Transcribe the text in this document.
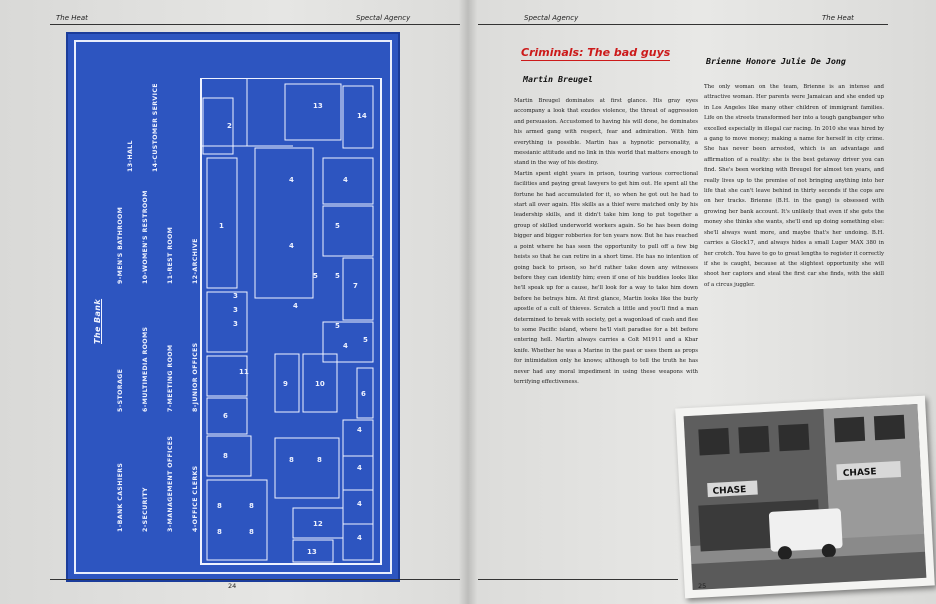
The Heat	Spectal Agency

1-BANK CASHIERS

	2-SECURITY

	3-MANAGEMENT OFFICES

	4-OFFICE CLERKS

5-STORAGE

	6-MULTIMEDIA ROOMS

	7-MEETING ROOM

	8-JUNIOR OFFICES

9-MEN'S BATHROOM

	10-WOMEN'S RESTROOM

	11-REST ROOM

	12-ARCHIVE

13-HALL

	14-CUSTOMER SERVICE

The Bank
2
1
3
3
3
13
14
4
4
4
4
4
4
4
4
4
5
5
5
5
5
6
6
7
8
8
8
8
8
8	8
9	10
11
12
13
24
Spectal Agency	The Heat
Criminals: The bad guys
Martin Breugel

Martin Breugel dominates at first glance. His gray eyes accompany a look that exudes violence, the threat of aggression and persuasion. Accustomed to having his will done, he dominates his armed gang with respect, fear and admiration. With him everything is possible. Martin has a hypnotic personality, a messianic attitude and no link in this world that matters enough to stand in the way of his destiny.

Martin spent eight years in prison, touring various correctional facilities and paying great lawyers to get him out. He spent all the fortune he had accumulated for it, so when he got out he had to start all over again. His skills as a thief were matched only by his leadership skills, and it didn't take him long to put together a group of skilled underworld workers again. So he has been doing bigger and bigger robberies for ten years now. But he has reached a point where he has seen the opportunity to pull off a few big heists so that he can retire in a short time. He has no intention of going back to prison, so he'd rather take down any witnesses before they can identify him; even if one of his buddies looks like he'll speak up for a cause, he'll look for a way to take him down before he betrays him. At first glance, Martin looks like the burly apostle of a cult of thieves. Scratch a little and you'll find a man determined to break with society, get a wagonload of cash and flee to some Pacific island, where he'll visit paradise for a bit before entering hell. Martin always carries a Colt M1911 and a Kbar knife. Whether he was a Marine in the past or uses them as props for intimidation only he knows; although to tell the truth he has never had any moral impediment in using these weapons with terrifying effectiveness.

Brienne Honore Julie De Jong

The only woman on the team, Brienne is an intense and attractive woman. Her parents were Jamaican and she ended up in Los Angeles like many other children of immigrant families. Life on the streets transformed her into a tough gangbanger who excelled especially in illegal car racing. In 2010 she was hired by a gang to move money; making a name for herself in city crime. She has never been arrested, which is an advantage and affirmation of a reality: she is the best getaway driver you can find. She's been working with Breugel for almost ten years, and really lives up to the premise of not bringing anything into her life that she can't leave behind in thirty seconds if the cops are on her tracks. Brienne (B.H. in the gang) is obsessed with growing her bank account. It's unlikely that even if she gets the money she thinks she wants, she'll end up doing something else: she'll always want more, and maybe that's her undoing. B.H. carries a Glock17, and always hides a small Luger MAX 380 in her crotch. You have to go to great lengths to register it correctly if she is caught, because at the slightest opportunity she will shoot her captors and steal the first car she finds, with the skill of a circus juggler.

CHASE
CHASE
25
